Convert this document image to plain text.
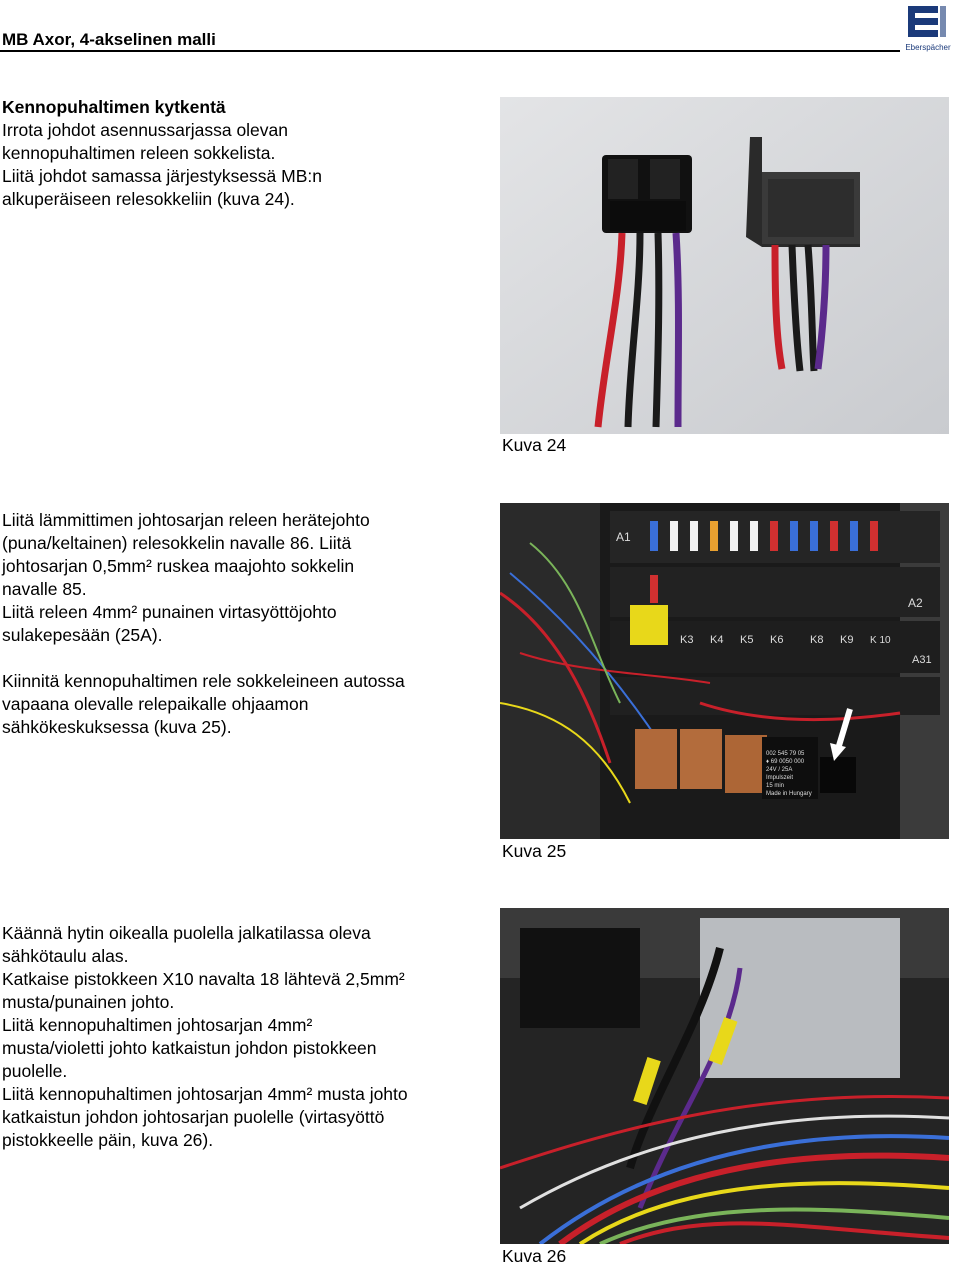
MB Axor, 4-akselinen malli	Eberspächer

Kennopuhaltimen kytkentä

Irrota johdot asennussarjassa olevan

kennopuhaltimen releen sokkelista.

Liitä johdot samassa järjestyksessä MB:n

alkuperäiseen relesokkeliin (kuva 24).

Kuva 24

Liitä lämmittimen johtosarjan releen herätejohto

(puna/keltainen) relesokkelin navalle 86. Liitä

johtosarjan 0,5mm² ruskea maajohto sokkelin

navalle 85.

Liitä releen 4mm² punainen virtasyöttöjohto

sulakepesään (25A).

Kiinnitä kennopuhaltimen rele sokkeleineen autossa

vapaana olevalle relepaikalle ohjaamon

sähkökeskuksessa (kuva 25).

A1
A2
A31
K3 K4 K5 K6 K8 K9 K 10
002 545 79 05
♦ 69 0050 000
24V / 25A
Impulszeit
15 min
Made in Hungary
Kuva 25

Käännä hytin oikealla puolella jalkatilassa oleva

sähkötaulu alas.

Katkaise pistokkeen X10 navalta 18 lähtevä 2,5mm²

musta/punainen johto.

Liitä kennopuhaltimen johtosarjan 4mm²

musta/violetti johto katkaistun johdon pistokkeen

puolelle.

Liitä kennopuhaltimen johtosarjan 4mm² musta johto

katkaistun johdon johtosarjan puolelle (virtasyöttö

pistokkeelle päin, kuva 26).

Kuva 26
